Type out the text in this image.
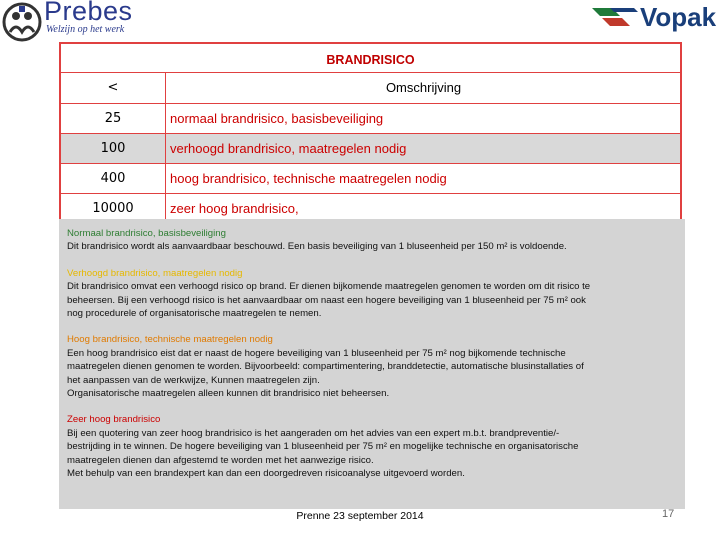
Prebes
Welzijn op het werk	Vopak
BRANDRISICO
<	Omschrijving
25	normaal brandrisico, basisbeveiliging
100	verhoogd brandrisico, maatregelen nodig
400	hoog brandrisico, technische maatregelen nodig
10000	zeer hoog brandrisico,
Normaal brandrisico, basisbeveiliging
Dit brandrisico wordt als aanvaardbaar beschouwd. Een basis beveiliging van 1 bluseenheid per 150 m² is voldoende.
Verhoogd brandrisico, maatregelen nodig
Dit brandrisico omvat een verhoogd risico op brand. Er dienen bijkomende maatregelen genomen te worden om dit risico te
beheersen. Bij een verhoogd risico is het aanvaardbaar om naast een hogere beveiliging van 1 bluseenheid per 75 m² ook
nog procedurele of organisatorische maatregelen te nemen.
Hoog brandrisico, technische maatregelen nodig
Een hoog brandrisico eist dat er naast de hogere beveiliging van 1 bluseenheid per 75 m² nog bijkomende technische
maatregelen dienen genomen te worden. Bijvoorbeeld: compartimentering, branddetectie, automatische blusinstallaties of
het aanpassen van de werkwijze, Kunnen maatregelen zijn.
Organisatorische maatregelen alleen kunnen dit brandrisico niet beheersen.
Zeer hoog brandrisico
Bij een quotering van zeer hoog brandrisico is het aangeraden om het advies van een expert m.b.t. brandpreventie/-
bestrijding in te winnen. De hogere beveiliging van 1 bluseenheid per 75 m² en mogelijke technische en organisatorische
maatregelen dienen dan afgestemd te worden met het aanwezige risico.
Met behulp van een brandexpert kan dan een doorgedreven risicoanalyse uitgevoerd worden.
Prenne 23 september 2014	17
